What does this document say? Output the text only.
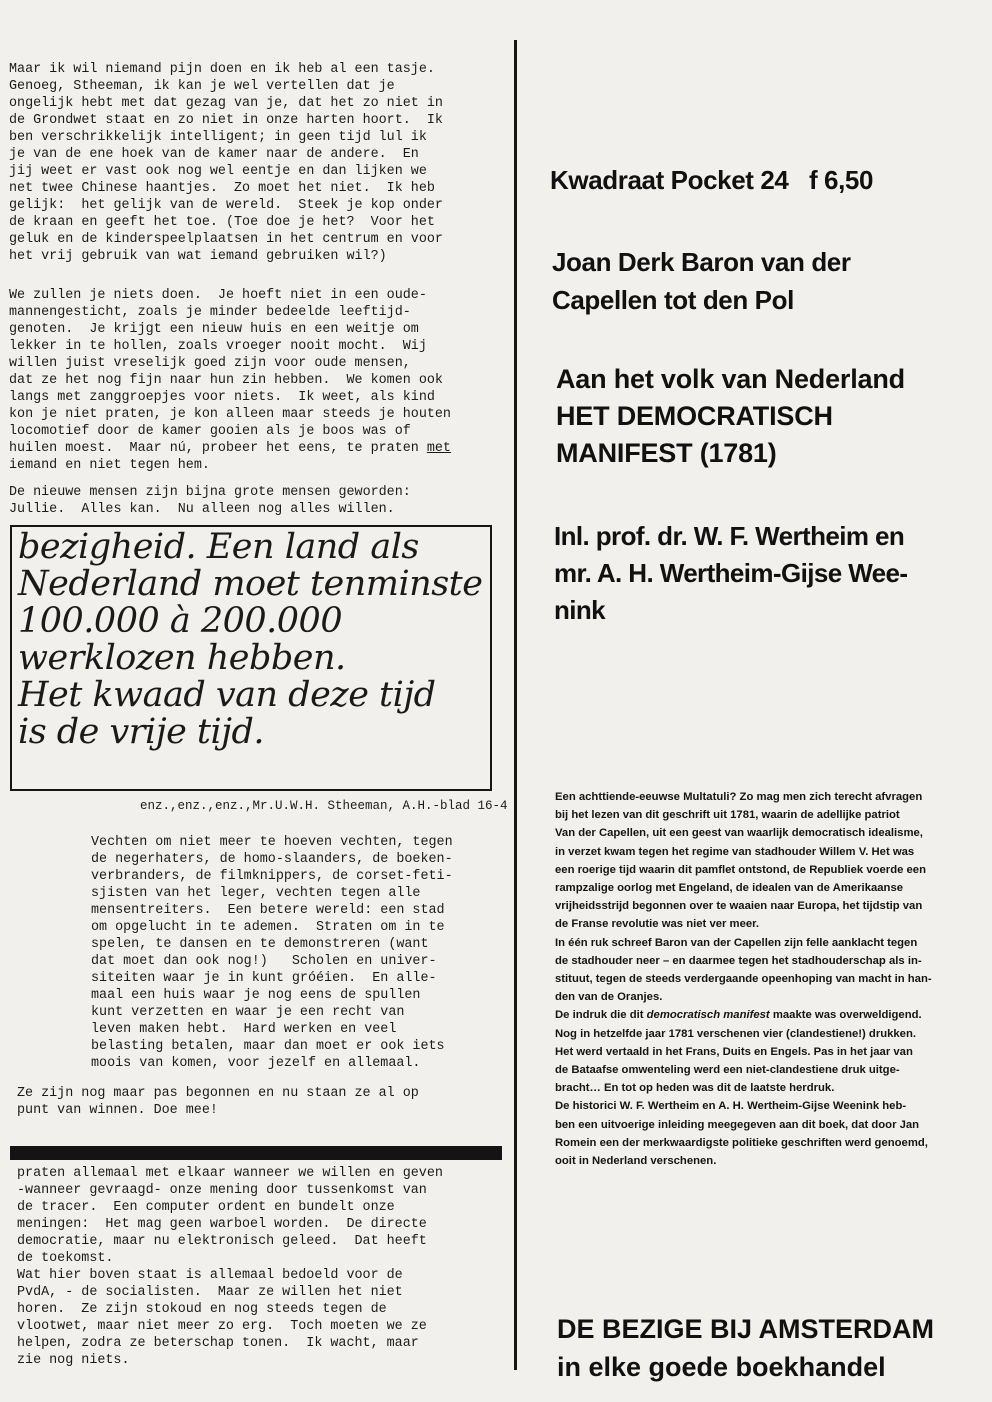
Maar ik wil niemand pijn doen en ik heb al een tasje.
Genoeg, Stheeman, ik kan je wel vertellen dat je
ongelijk hebt met dat gezag van je, dat het zo niet in
de Grondwet staat en zo niet in onze harten hoort.  Ik
ben verschrikkelijk intelligent; in geen tijd lul ik
je van de ene hoek van de kamer naar de andere.  En
jij weet er vast ook nog wel eentje en dan lijken we
net twee Chinese haantjes.  Zo moet het niet.  Ik heb
gelijk:  het gelijk van de wereld.  Steek je kop onder
de kraan en geeft het toe. (Toe doe je het?  Voor het
geluk en de kinderspeelplaatsen in het centrum en voor
het vrij gebruik van wat iemand gebruiken wil?)
We zullen je niets doen.  Je hoeft niet in een oude-
mannengesticht, zoals je minder bedeelde leeftijd-
genoten.  Je krijgt een nieuw huis en een weitje om
lekker in te hollen, zoals vroeger nooit mocht.  Wij
willen juist vreselijk goed zijn voor oude mensen,
dat ze het nog fijn naar hun zin hebben.  We komen ook
langs met zanggroepjes voor niets.  Ik weet, als kind
kon je niet praten, je kon alleen maar steeds je houten
locomotief door de kamer gooien als je boos was of
huilen moest.  Maar nú, probeer het eens, te praten met
iemand en niet tegen hem.
De nieuwe mensen zijn bijna grote mensen geworden:
Jullie.  Alles kan.  Nu alleen nog alles willen.
bezigheid. Een land als
Nederland moet tenminste
100.000 à 200.000
werklozen hebben.
Het kwaad van deze tijd
is de vrije tijd.
enz.,enz.,enz.,Mr.U.W.H. Stheeman, A.H.-blad 16-4
Vechten om niet meer te hoeven vechten, tegen
de negerhaters, de homo-slaanders, de boeken-
verbranders, de filmknippers, de corset-feti-
sjisten van het leger, vechten tegen alle
mensentreiters.  Een betere wereld: een stad
om opgelucht in te ademen.  Straten om in te
spelen, te dansen en te demonstreren (want
dat moet dan ook nog!)   Scholen en univer-
siteiten waar je in kunt gróéien.  En alle-
maal een huis waar je nog eens de spullen
kunt verzetten en waar je een recht van
leven maken hebt.  Hard werken en veel
belasting betalen, maar dan moet er ook iets
moois van komen, voor jezelf en allemaal.
Ze zijn nog maar pas begonnen en nu staan ze al op
punt van winnen. Doe mee!
praten allemaal met elkaar wanneer we willen en geven
-wanneer gevraagd- onze mening door tussenkomst van
de tracer.  Een computer ordent en bundelt onze
meningen:  Het mag geen warboel worden.  De directe
democratie, maar nu elektronisch geleed.  Dat heeft
de toekomst.
Wat hier boven staat is allemaal bedoeld voor de
PvdA, - de socialisten.  Maar ze willen het niet
horen.  Ze zijn stokoud en nog steeds tegen de
vlootwet, maar niet meer zo erg.  Toch moeten we ze
helpen, zodra ze beterschap tonen.  Ik wacht, maar
zie nog niets.
Kwadraat Pocket 24   f 6,50
Joan Derk Baron van der
Capellen tot den Pol
Aan het volk van Nederland
HET DEMOCRATISCH
MANIFEST (1781)
Inl. prof. dr. W. F. Wertheim en
mr. A. H. Wertheim-Gijse Wee-
nink
Een achttiende-eeuwse Multatuli? Zo mag men zich terecht afvragen
bij het lezen van dit geschrift uit 1781, waarin de adellijke patriot
Van der Capellen, uit een geest van waarlijk democratisch idealisme,
in verzet kwam tegen het regime van stadhouder Willem V. Het was
een roerige tijd waarin dit pamflet ontstond, de Republiek voerde een
rampzalige oorlog met Engeland, de idealen van de Amerikaanse
vrijheidsstrijd begonnen over te waaien naar Europa, het tijdstip van
de Franse revolutie was niet ver meer.
In één ruk schreef Baron van der Capellen zijn felle aanklacht tegen
de stadhouder neer – en daarmee tegen het stadhouderschap als in-
stituut, tegen de steeds verdergaande opeenhoping van macht in han-
den van de Oranjes.
De indruk die dit democratisch manifest maakte was overweldigend.
Nog in hetzelfde jaar 1781 verschenen vier (clandestiene!) drukken.
Het werd vertaald in het Frans, Duits en Engels. Pas in het jaar van
de Bataafse omwenteling werd een niet-clandestiene druk uitge-
bracht… En tot op heden was dit de laatste herdruk.
De historici W. F. Wertheim en A. H. Wertheim-Gijse Weenink heb-
ben een uitvoerige inleiding meegegeven aan dit boek, dat door Jan
Romein een der merkwaardigste politieke geschriften werd genoemd,
ooit in Nederland verschenen.
DE BEZIGE BIJ AMSTERDAM
in elke goede boekhandel
